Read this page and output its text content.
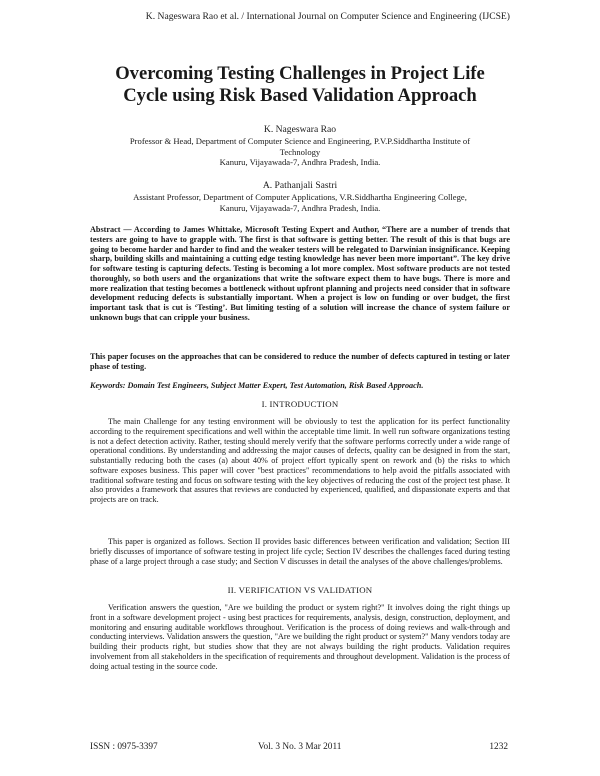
K. Nageswara Rao et al. / International Journal on Computer Science and Engineering (IJCSE)
Overcoming Testing Challenges in Project Life
Cycle using Risk Based Validation Approach
K. Nageswara Rao
Professor & Head, Department of Computer Science and Engineering, P.V.P.Siddhartha Institute of
Technology
Kanuru, Vijayawada-7, Andhra Pradesh, India.
A. Pathanjali Sastri
Assistant Professor, Department of Computer Applications, V.R.Siddhartha Engineering College,
Kanuru, Vijayawada-7, Andhra Pradesh, India.
Abstract — According to James Whittake, Microsoft Testing Expert and Author, “There are a number of trends that testers are going to have to grapple with. The first is that software is getting better. The result of this is that bugs are going to become harder and harder to find and the weaker testers will be relegated to Darwinian insignificance. Keeping sharp, building skills and maintaining a cutting edge testing knowledge has never been more important”. The key drive for software testing is capturing defects. Testing is becoming a lot more complex. Most software products are not tested thoroughly, so both users and the organizations that write the software expect them to have bugs. There is more and more realization that testing becomes a bottleneck without upfront planning and projects need consider that in software development reducing defects is substantially important. When a project is low on funding or over budget, the first important task that is cut is ‘Testing’. But limiting testing of a solution will increase the chance of system failure or unknown bugs that can cripple your business.
This paper focuses on the approaches that can be considered to reduce the number of defects captured in testing or later phase of testing.
Keywords: Domain Test Engineers, Subject Matter Expert, Test Automation, Risk Based Approach.
I. INTRODUCTION
The main Challenge for any testing environment will be obviously to test the application for its perfect functionality according to the requirement specifications and well within the acceptable time limit. In well run software organizations testing is not a defect detection activity. Rather, testing should merely verify that the software performs correctly under a wide range of operational conditions. By understanding and addressing the major causes of defects, quality can be designed in from the start, substantially reducing both the cases (a) about 40% of project effort typically spent on rework and (b) the risks to which software exposes business. This paper will cover "best practices" recommendations to help avoid the pitfalls associated with traditional software testing and focus on software testing with the key objectives of reducing the cost of the project test phase. It also provides a framework that assures that reviews are conducted by experienced, qualified, and dispassionate experts and that projects are on track.
This paper is organized as follows. Section II provides basic differences between verification and validation; Section III briefly discusses of importance of software testing in project life cycle; Section IV describes the challenges faced during testing phase of a large project through a case study; and Section V discusses in detail the analyses of the above challenges/problems.
II. VERIFICATION VS VALIDATION
Verification answers the question, "Are we building the product or system right?" It involves doing the right things up front in a software development project - using best practices for requirements, analysis, design, construction, deployment, and monitoring and ensuring auditable workflows throughout. Verification is the process of doing reviews and walk-through and conducting interviews. Validation answers the question, "Are we building the right product or system?" Many vendors today are building their products right, but studies show that they are not always building the right products. Validation requires involvement from all stakeholders in the specification of requirements and throughout development. Validation is the process of doing actual testing in the source code.
ISSN : 0975-3397	Vol. 3 No. 3 Mar 2011	1232
